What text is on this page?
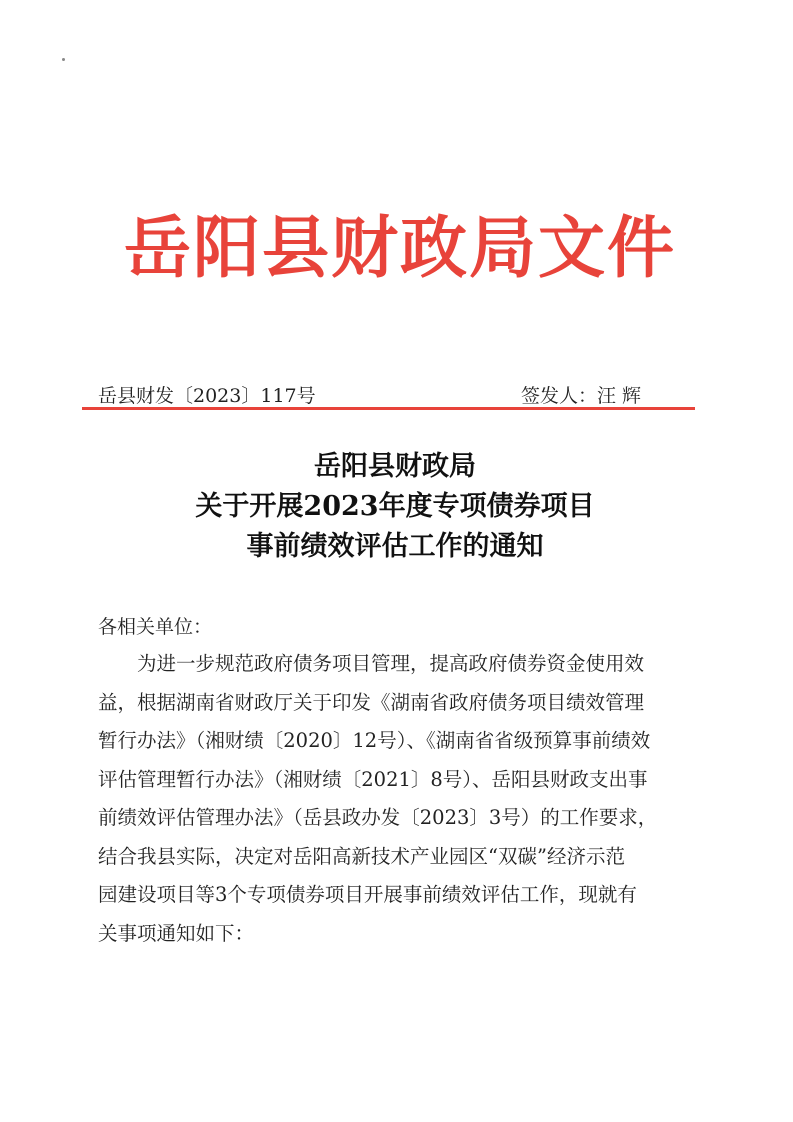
岳阳县财政局文件
岳县财发〔2023〕117号	签发人：汪 辉
岳阳县财政局
关于开展2023年度专项债券项目
事前绩效评估工作的通知
各相关单位：
为进一步规范政府债务项目管理，提高政府债券资金使用效
益，根据湖南省财政厅关于印发《湖南省政府债务项目绩效管理
暂行办法》（湘财绩〔2020〕12号）、《湖南省省级预算事前绩效
评估管理暂行办法》（湘财绩〔2021〕8号）、岳阳县财政支出事
前绩效评估管理办法》（岳县政办发〔2023〕3号）的工作要求，
结合我县实际，决定对岳阳高新技术产业园区“双碳”经济示范
园建设项目等3个专项债券项目开展事前绩效评估工作，现就有
关事项通知如下：
